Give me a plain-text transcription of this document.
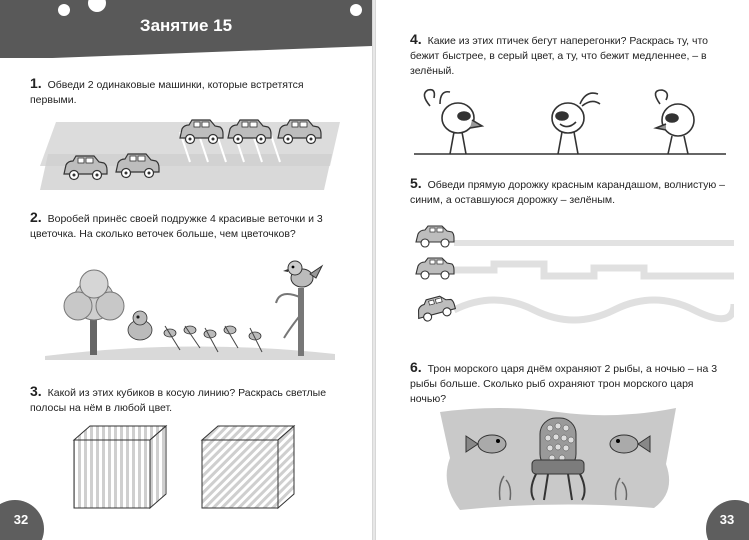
Занятие 15
1. Обведи 2 одинаковые машинки, которые встретятся первыми.
2. Воробей принёс своей подружке 4 красивые веточки и 3 цветочка. На сколько веточек больше, чем цветочков?
3. Какой из этих кубиков в косую линию? Раскрась светлые полосы на нём в любой цвет.
32
4. Какие из этих птичек бегут наперегонки? Раскрась ту, что бежит быстрее, в серый цвет, а ту, что бежит медленнее, – в зелёный.
5. Обведи прямую дорожку красным карандашом, волнистую – синим, а оставшуюся дорожку – зелёным.
6. Трон морского царя днём охраняют 2 рыбы, а ночью – на 3 рыбы больше. Сколько рыб охраняют трон морского царя ночью?
33
